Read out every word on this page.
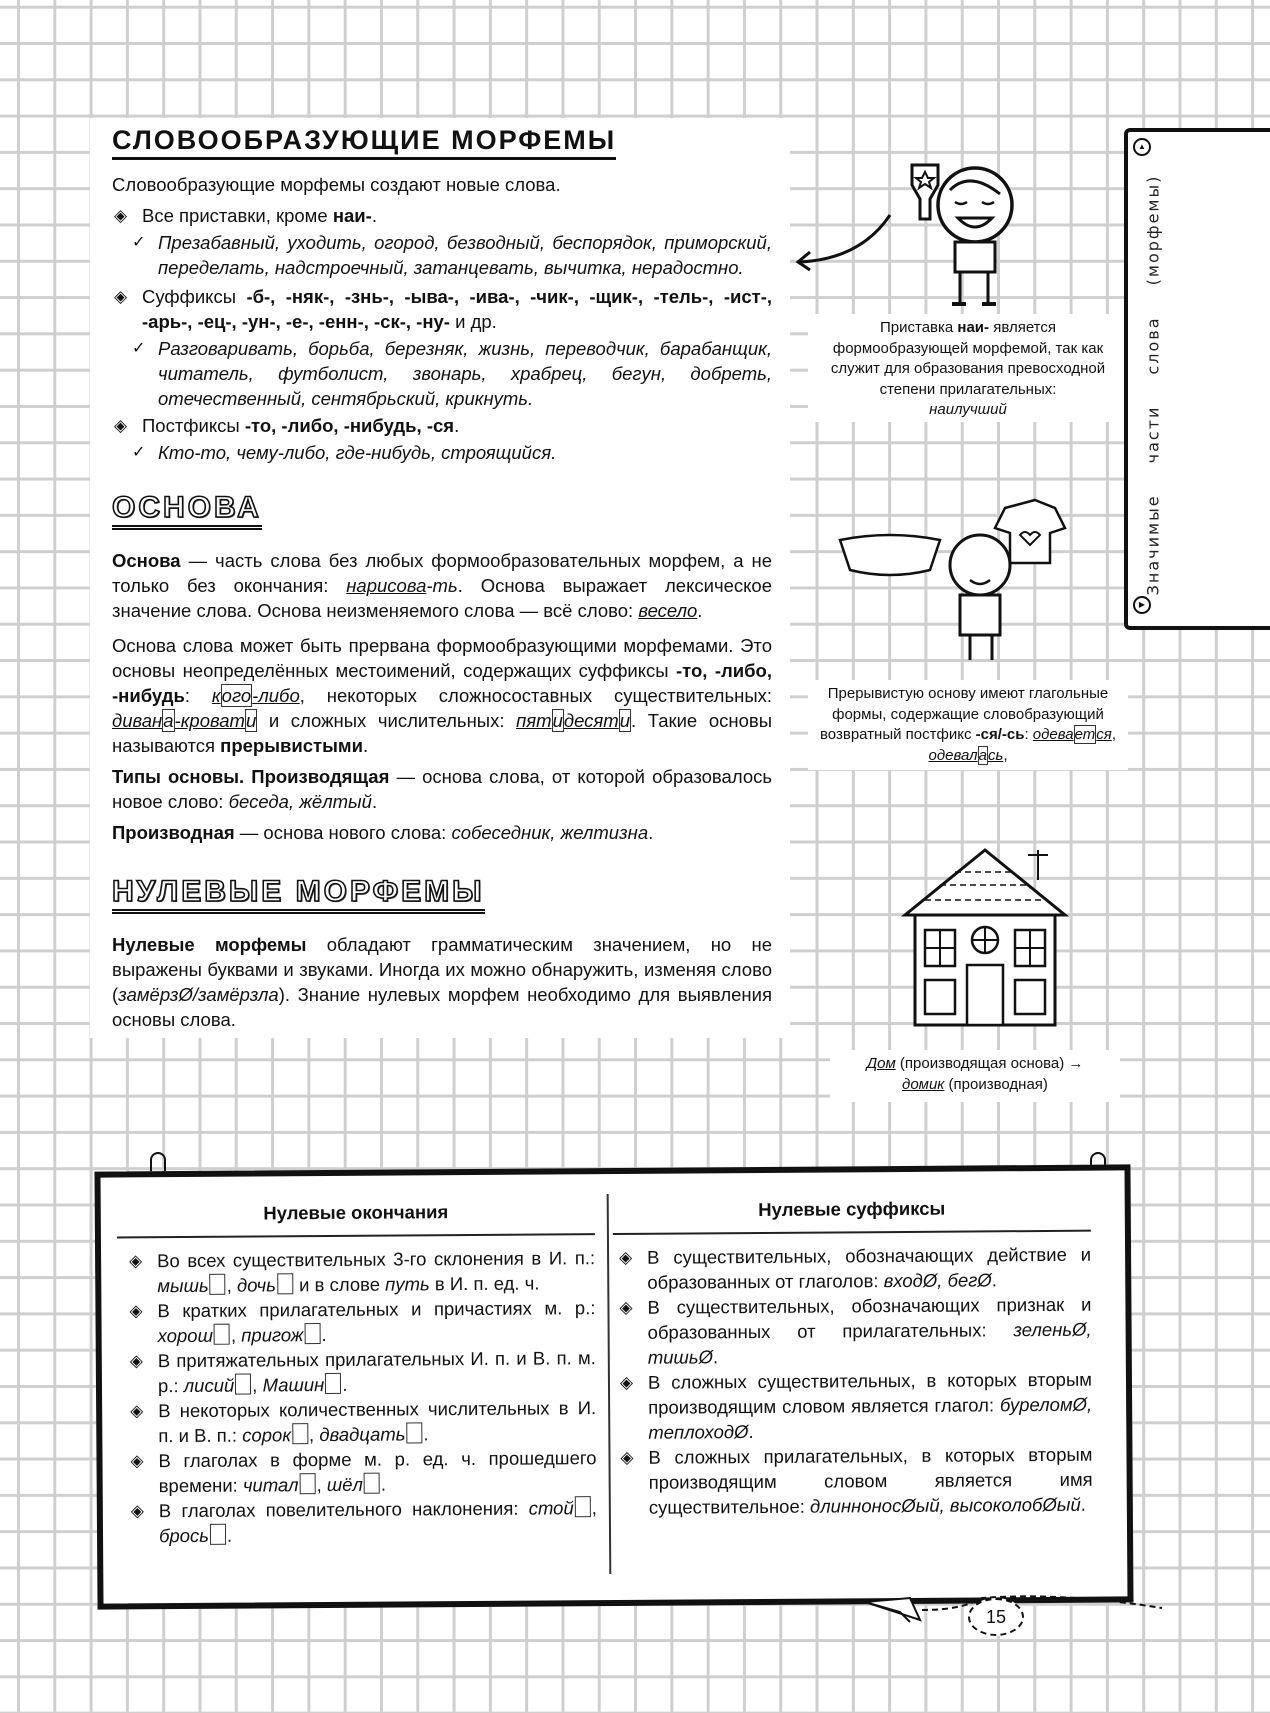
СЛОВООБРАЗУЮЩИЕ МОРФЕМЫ

Словообразующие морфемы создают новые слова.

◈ Все приставки, кроме наи-.
✓ Презабавный, уходить, огород, безводный, беспорядок, приморский, переделать, надстроечный, затанцевать, вычитка, нерадостно.
◈ Суффиксы -б-, -няк-, -знь-, -ыва-, -ива-, -чик-, -щик-, -тель-, -ист-, -арь-, -ец-, -ун-, -е-, -енн-, -ск-, -ну- и др.
✓ Разговаривать, борьба, березняк, жизнь, переводчик, барабанщик, читатель, футболист, звонарь, храбрец, бегун, добреть, отечественный, сентябрьский, крикнуть.
◈ Постфиксы -то, -либо, -нибудь, -ся.
✓ Кто-то, чему-либо, где-нибудь, строящийся.
ОСНОВА

Основа — часть слова без любых формообразовательных морфем, а не только без окончания: нарисова-ть. Основа выражает лексическое значение слова. Основа неизменяемого слова — всё слово: весело.

Основа слова может быть прервана формообразующими морфемами. Это основы неопределённых местоимений, содержащих суффиксы -то, -либо, -нибудь: кого-либо, некоторых сложносоставных существительных: дивана-кровати и сложных числительных: пятидесяти. Такие основы называются прерывистыми.

Типы основы. Производящая — основа слова, от которой образовалось новое слово: беседа, жёлтый.

Производная — основа нового слова: собеседник, желтизна.

НУЛЕВЫЕ МОРФЕМЫ

Нулевые морфемы обладают грамматическим значением, но не выражены буквами и звуками. Иногда их можно обнаружить, изменяя слово (замёрзØ/замёрзла). Знание нулевых морфем необходимо для выявления основы слова.

Приставка наи- является формообразующей морфемой, так как служит для образования превосходной степени прилагательных:
наилучший
Прерывистую основу имеют глагольные формы, содержащие словобразующий возвратный постфикс -ся/-сь: одевается, одевалась,
Дом (производящая основа) →
домик (производная)
▲
▶
Значимые части слова (морфемы)
Нулевые окончания
◈ Во всех существительных 3-го склонения в И. п.: мышь , дочь и в слове путь в И. п. ед. ч.
◈ В кратких прилагательных и причастиях м. р.: хорош , пригож .
◈ В притяжательных прилагательных И. п. и В. п. м. р.: лисий , Машин .
◈ В некоторых количественных числительных в И. п. и В. п.: сорок , двадцать .
◈ В глаголах в форме м. р. ед. ч. прошедшего времени: читал , шёл .
◈ В глаголах повелительного наклонения: стой , брось .
Нулевые суффиксы
◈ В существительных, обозначающих действие и образованных от глаголов: входØ, бегØ.
◈ В существительных, обозначающих признак и образованных от прилагательных: зеленьØ, тишьØ.
◈ В сложных существительных, в которых вторым производящим словом является глагол: буреломØ, теплоходØ.
◈ В сложных прилагательных, в которых вторым производящим словом является имя существительное: длинноносØый, высоколобØый.
15
